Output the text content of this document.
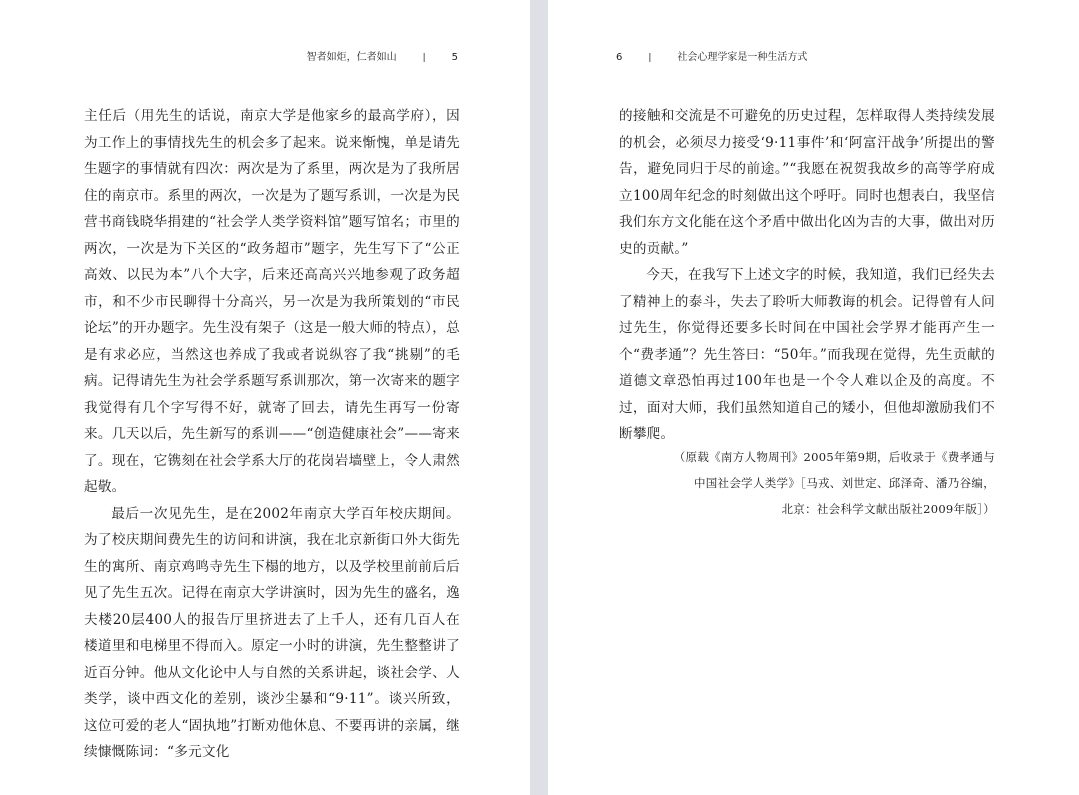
智者如炬，仁者如山	|	5

主任后（用先生的话说，南京大学是他家乡的最高学府），因为工作上的事情找先生的机会多了起来。说来惭愧，单是请先生题字的事情就有四次：两次是为了系里，两次是为了我所居住的南京市。系里的两次，一次是为了题写系训，一次是为民营书商钱晓华捐建的“社会学人类学资料馆”题写馆名；市里的两次，一次是为下关区的“政务超市”题字，先生写下了“公正高效、以民为本”八个大字，后来还高高兴兴地参观了政务超市，和不少市民聊得十分高兴，另一次是为我所策划的“市民论坛”的开办题字。先生没有架子（这是一般大师的特点），总是有求必应，当然这也养成了我或者说纵容了我“挑剔”的毛病。记得请先生为社会学系题写系训那次，第一次寄来的题字我觉得有几个字写得不好，就寄了回去，请先生再写一份寄来。几天以后，先生新写的系训——“创造健康社会”——寄来了。现在，它镌刻在社会学系大厅的花岗岩墙壁上，令人肃然起敬。

最后一次见先生，是在2002年南京大学百年校庆期间。为了校庆期间费先生的访问和讲演，我在北京新街口外大街先生的寓所、南京鸡鸣寺先生下榻的地方，以及学校里前前后后见了先生五次。记得在南京大学讲演时，因为先生的盛名，逸夫楼20层400人的报告厅里挤进去了上千人，还有几百人在楼道里和电梯里不得而入。原定一小时的讲演，先生整整讲了近百分钟。他从文化论中人与自然的关系讲起，谈社会学、人类学，谈中西文化的差别，谈沙尘暴和“9·11”。谈兴所致，这位可爱的老人“固执地”打断劝他休息、不要再讲的亲属，继续慷慨陈词：“多元文化

6	|	社会心理学家是一种生活方式

的接触和交流是不可避免的历史过程，怎样取得人类持续发展的机会，必须尽力接受‘9·11事件’和‘阿富汗战争’所提出的警告，避免同归于尽的前途。”“我愿在祝贺我故乡的高等学府成立100周年纪念的时刻做出这个呼吁。同时也想表白，我坚信我们东方文化能在这个矛盾中做出化凶为吉的大事，做出对历史的贡献。”

今天，在我写下上述文字的时候，我知道，我们已经失去了精神上的泰斗，失去了聆听大师教诲的机会。记得曾有人问过先生，你觉得还要多长时间在中国社会学界才能再产生一个“费孝通”？先生答曰：“50年。”而我现在觉得，先生贡献的道德文章恐怕再过100年也是一个令人难以企及的高度。不过，面对大师，我们虽然知道自己的矮小，但他却激励我们不断攀爬。

（原载《南方人物周刊》2005年第9期，后收录于《费孝通与

中国社会学人类学》［马戎、刘世定、邱泽奇、潘乃谷编，

北京：社会科学文献出版社2009年版］）
